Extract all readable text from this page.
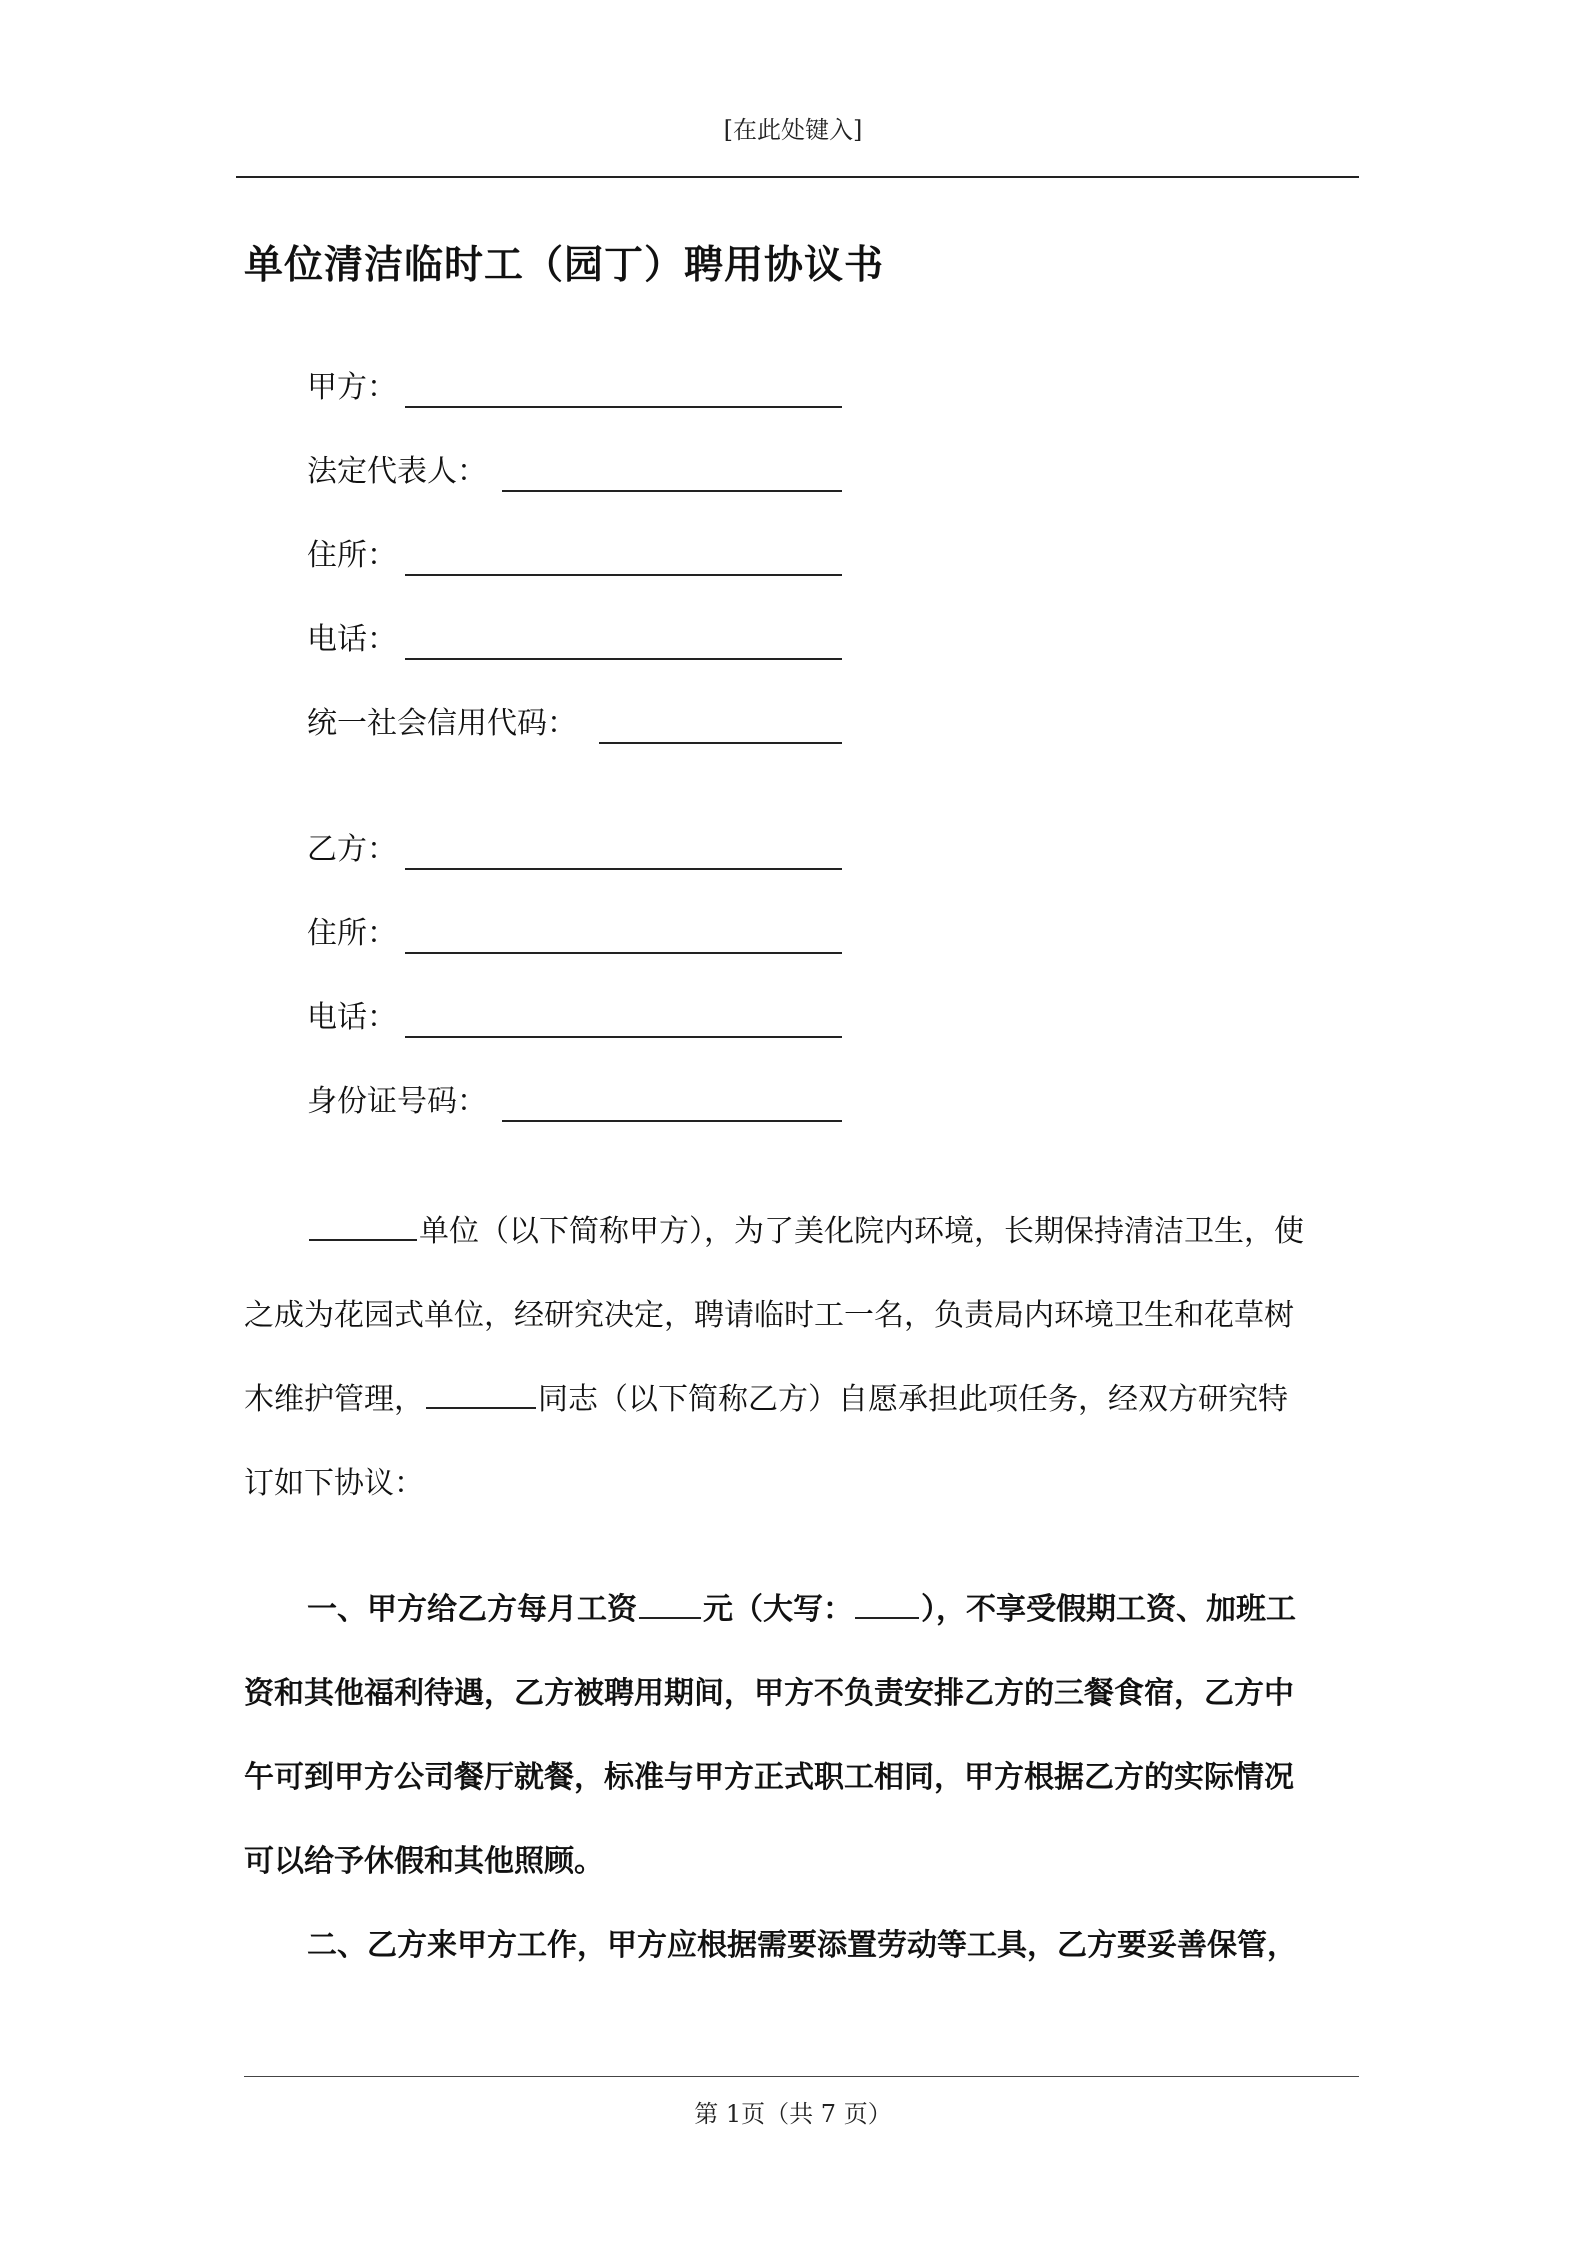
[在此处键入]
单位清洁临时工（园丁）聘用协议书
甲方：
法定代表人：
住所：
电话：
统一社会信用代码：
乙方：
住所：
电话：
身份证号码：
单位（以下简称甲方），为了美化院内环境，长期保持清洁卫生，使
之成为花园式单位，经研究决定，聘请临时工一名，负责局内环境卫生和花草树
木维护管理，	同志（以下简称乙方）自愿承担此项任务，经双方研究特
订如下协议：
一、甲方给乙方每月工资 元（大写： ），不享受假期工资、加班工
资和其他福利待遇，乙方被聘用期间，甲方不负责安排乙方的三餐食宿，乙方中
午可到甲方公司餐厅就餐，标准与甲方正式职工相同，甲方根据乙方的实际情况
可以给予休假和其他照顾。
二、乙方来甲方工作，甲方应根据需要添置劳动等工具，乙方要妥善保管，
第 1页（共 7 页）
